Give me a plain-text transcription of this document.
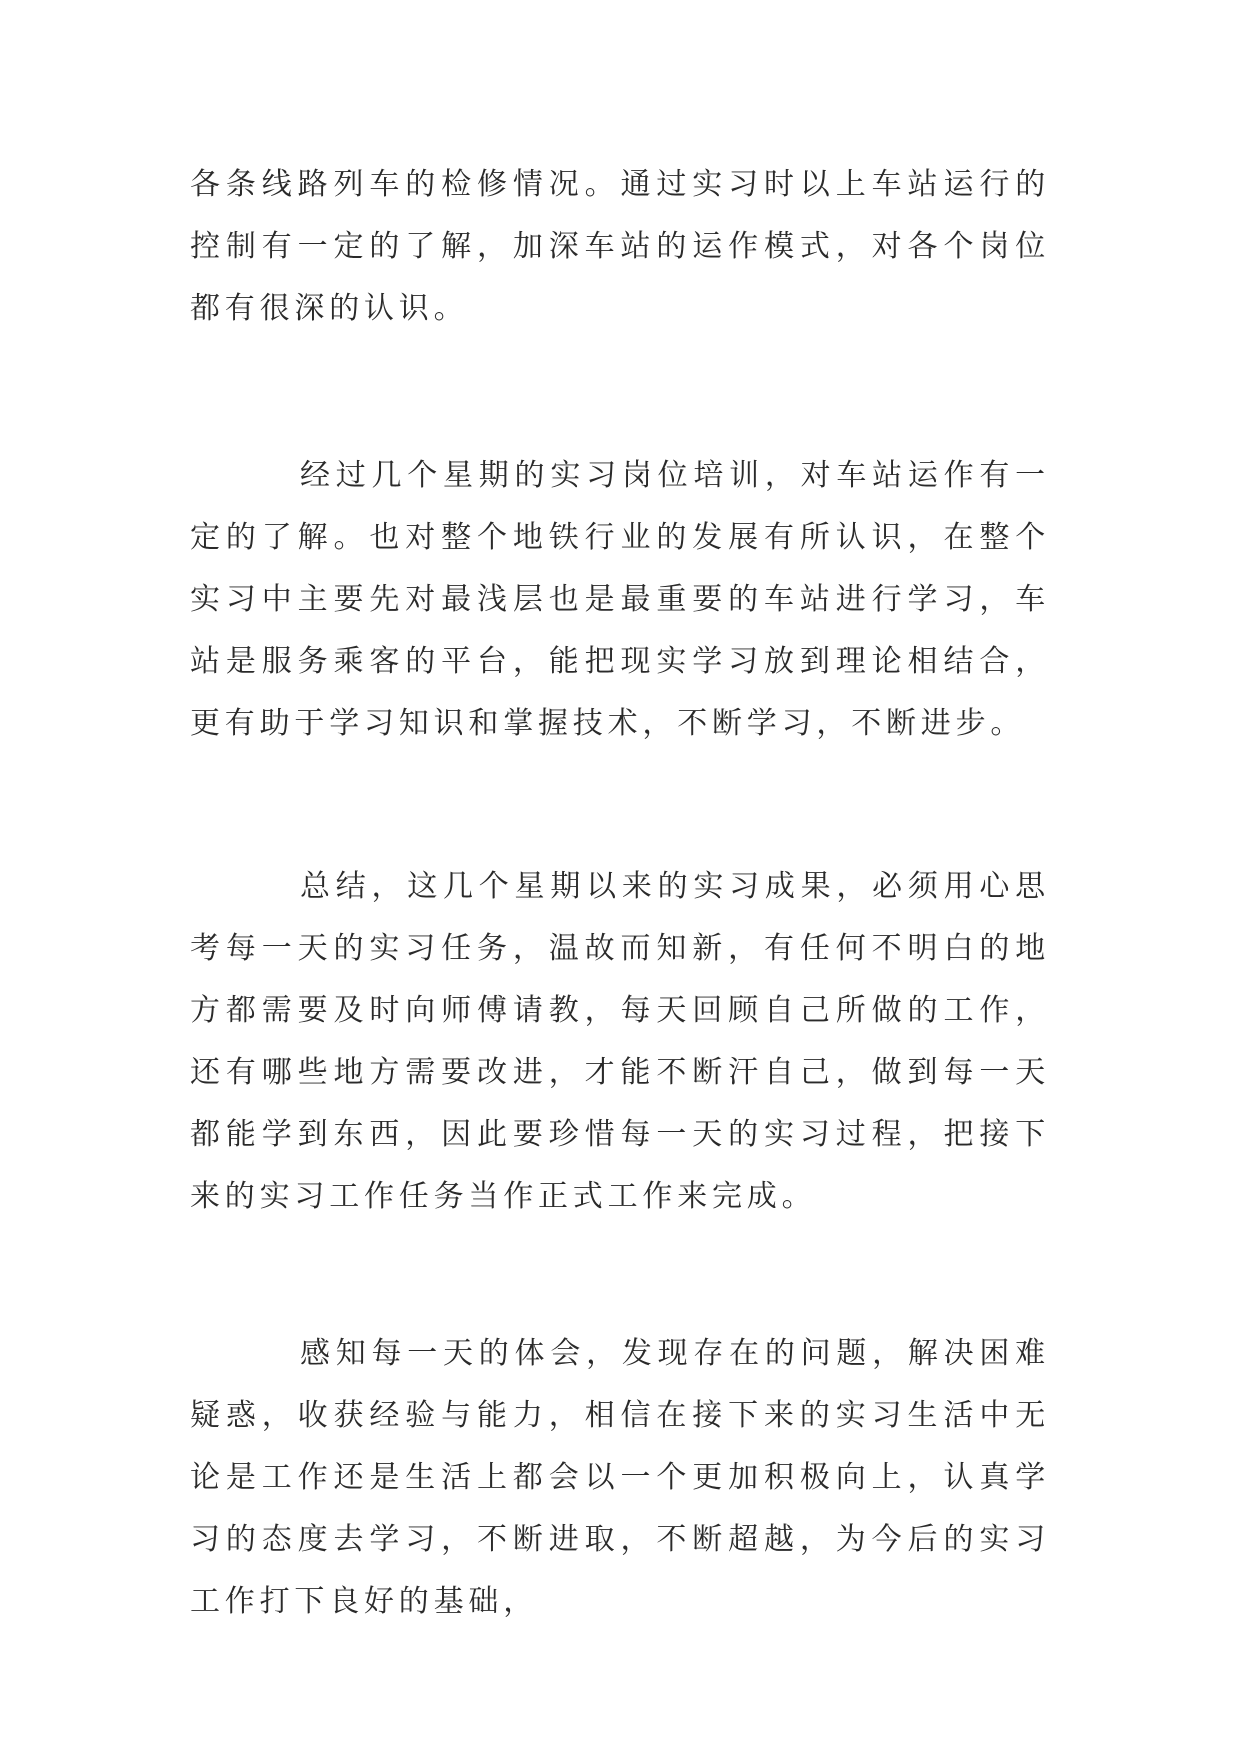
各条线路列车的检修情况。通过实习时以上车站运行的控制有一定的了解，加深车站的运作模式，对各个岗位都有很深的认识。

经过几个星期的实习岗位培训，对车站运作有一定的了解。也对整个地铁行业的发展有所认识，在整个实习中主要先对最浅层也是最重要的车站进行学习，车站是服务乘客的平台，能把现实学习放到理论相结合，更有助于学习知识和掌握技术，不断学习，不断进步。

总结，这几个星期以来的实习成果，必须用心思考每一天的实习任务，温故而知新，有任何不明白的地方都需要及时向师傅请教，每天回顾自己所做的工作，还有哪些地方需要改进，才能不断汗自己，做到每一天都能学到东西，因此要珍惜每一天的实习过程，把接下来的实习工作任务当作正式工作来完成。

感知每一天的体会，发现存在的问题，解决困难疑惑，收获经验与能力，相信在接下来的实习生活中无论是工作还是生活上都会以一个更加积极向上，认真学习的态度去学习，不断进取，不断超越，为今后的实习工作打下良好的基础，
